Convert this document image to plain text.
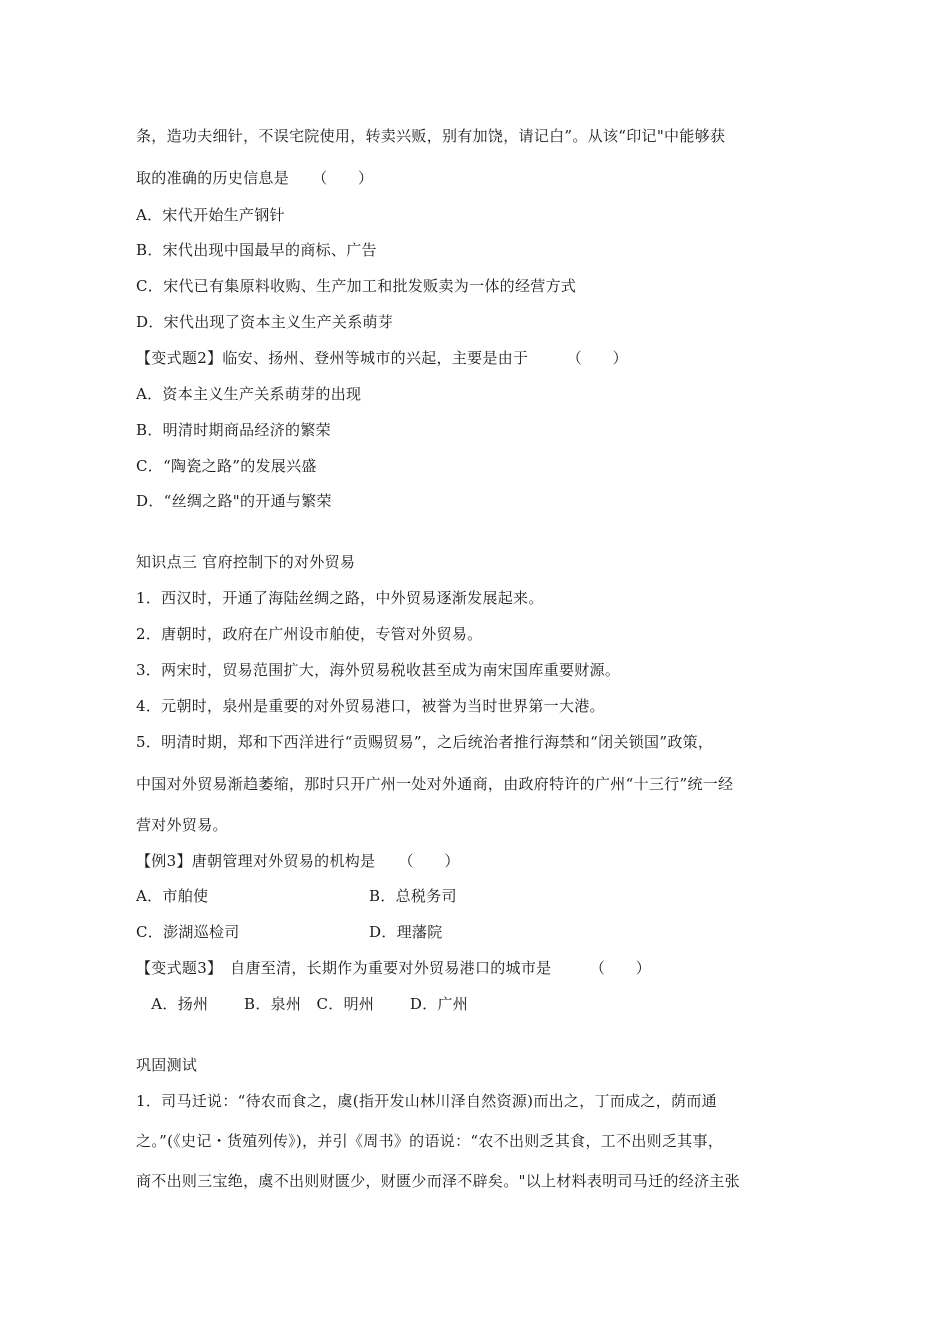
条，造功夫细针，不误宅院使用，转卖兴贩，别有加饶，请记白”。从该“印记"中能够获
取的准确的历史信息是　　（　　）
A．宋代开始生产钢针
B．宋代出现中国最早的商标、广告
C．宋代已有集原料收购、生产加工和批发贩卖为一体的经营方式
D．宋代出现了资本主义生产关系萌芽
【变式题2】临安、扬州、登州等城市的兴起，主要是由于　　　（　　）
A．资本主义生产关系萌芽的出现
B．明清时期商品经济的繁荣
C．“陶瓷之路”的发展兴盛
D．“丝绸之路"的开通与繁荣
知识点三 官府控制下的对外贸易
1．西汉时，开通了海陆丝绸之路，中外贸易逐渐发展起来。
2．唐朝时，政府在广州设市舶使，专管对外贸易。
3．两宋时，贸易范围扩大，海外贸易税收甚至成为南宋国库重要财源。
4．元朝时，泉州是重要的对外贸易港口，被誉为当时世界第一大港。
5．明清时期，郑和下西洋进行“贡赐贸易”，之后统治者推行海禁和“闭关锁国”政策，
中国对外贸易渐趋萎缩，那时只开广州一处对外通商，由政府特许的广州“十三行”统一经
营对外贸易。
【例3】唐朝管理对外贸易的机构是　　（　　）
A．市舶使	B．总税务司
C．澎湖巡检司	D．理藩院
【变式题3】　自唐至清，长期作为重要对外贸易港口的城市是　　　（　　）
　A．扬州　　 B．泉州　C．明州　　 D．广州
巩固测试
1．司马迁说：“待农而食之，虞(指开发山林川泽自然资源)而出之，丁而成之，荫而通
之。”(《史记・货殖列传》)，并引《周书》的语说：“农不出则乏其食，工不出则乏其事，
商不出则三宝绝，虞不出则财匮少，财匮少而泽不辟矣。"以上材料表明司马迁的经济主张
